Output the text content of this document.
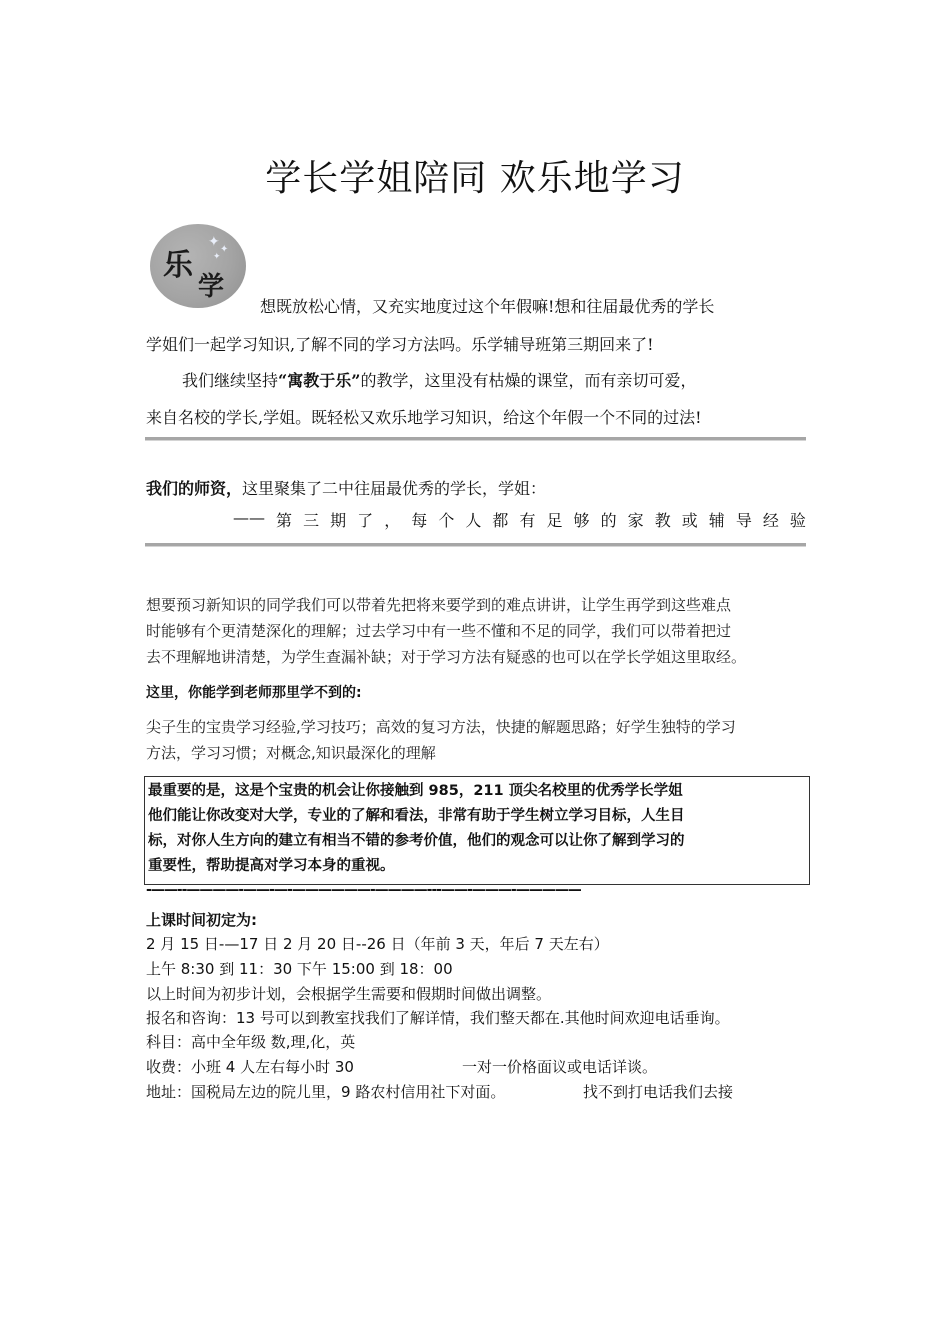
学长学姐陪同 欢乐地学习
✦ ✦
✦
乐
学
想既放松心情，又充实地度过这个年假嘛!想和往届最优秀的学长
学姐们一起学习知识,了解不同的学习方法吗。乐学辅导班第三期回来了!
我们继续坚持“寓教于乐”的教学，这里没有枯燥的课堂，而有亲切可爱，
来自名校的学长,学姐。既轻松又欢乐地学习知识，给这个年假一个不同的过法!
我们的师资，这里聚集了二中往届最优秀的学长，学姐：
—— 第 三 期 了 ， 每 个 人 都 有 足 够 的 家 教 或 辅 导 经 验
想要预习新知识的同学我们可以带着先把将来要学到的难点讲讲，让学生再学到这些难点
时能够有个更清楚深化的理解；过去学习中有一些不懂和不足的同学，我们可以带着把过
去不理解地讲清楚，为学生查漏补缺；对于学习方法有疑惑的也可以在学长学姐这里取经。
这里，你能学到老师那里学不到的:
尖子生的宝贵学习经验,学习技巧；高效的复习方法，快捷的解题思路；好学生独特的学习
方法，学习习惯；对概念,知识最深化的理解
最重要的是，这是个宝贵的机会让你接触到 985，211 顶尖名校里的优秀学长学姐
他们能让你改变对大学，专业的了解和看法，非常有助于学生树立学习目标，人生目
标，对你人生方向的建立有相当不错的参考价值，他们的观念可以让你了解到学习的
重要性，帮助提高对学习本身的重视。
-——--————-——-—-——————-————---——-———-—————
上课时间初定为:
2 月 15 日-—17 日 2 月 20 日--26 日（年前 3 天，年后 7 天左右）
上午 8:30 到 11：30 下午 15:00 到 18：00
以上时间为初步计划，会根据学生需要和假期时间做出调整。
报名和咨询：13 号可以到教室找我们了解详情，我们整天都在.其他时间欢迎电话垂询。
科目：高中全年级 数,理,化，英
收费：小班 4 人左右每小时 30	一对一价格面议或电话详谈。
地址：国税局左边的院儿里，9 路农村信用社下对面。	找不到打电话我们去接
